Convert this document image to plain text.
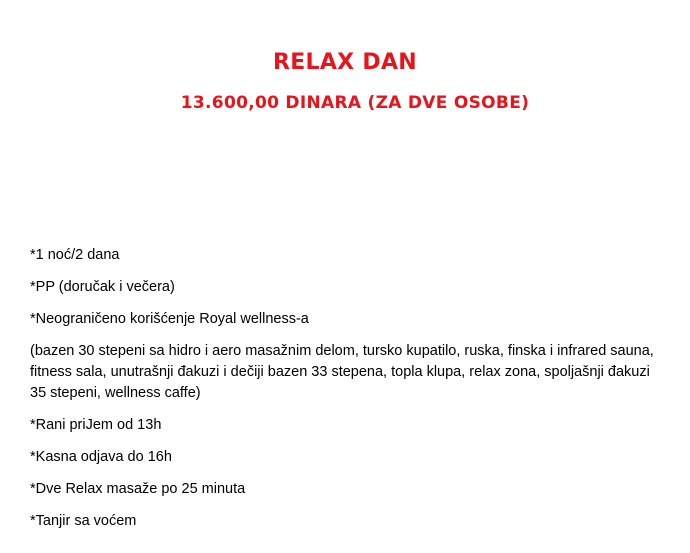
RELAX DAN
13.600,00 DINARA (ZA DVE OSOBE)

*1 noć/2 dana

*PP (doručak i večera)

*Neograničeno korišćenje Royal wellness-a

(bazen 30 stepeni sa hidro i aero masažnim delom, tursko kupatilo, ruska, finska i infrared sauna, fitness sala, unutrašnji đakuzi i dečiji bazen 33 stepena, topla klupa, relax zona, spoljašnji đakuzi 35 stepeni, wellness caffe)

*Rani priJem od 13h

*Kasna odjava do 16h

*Dve Relax masaže po 25 minuta

*Tanjir sa voćem
